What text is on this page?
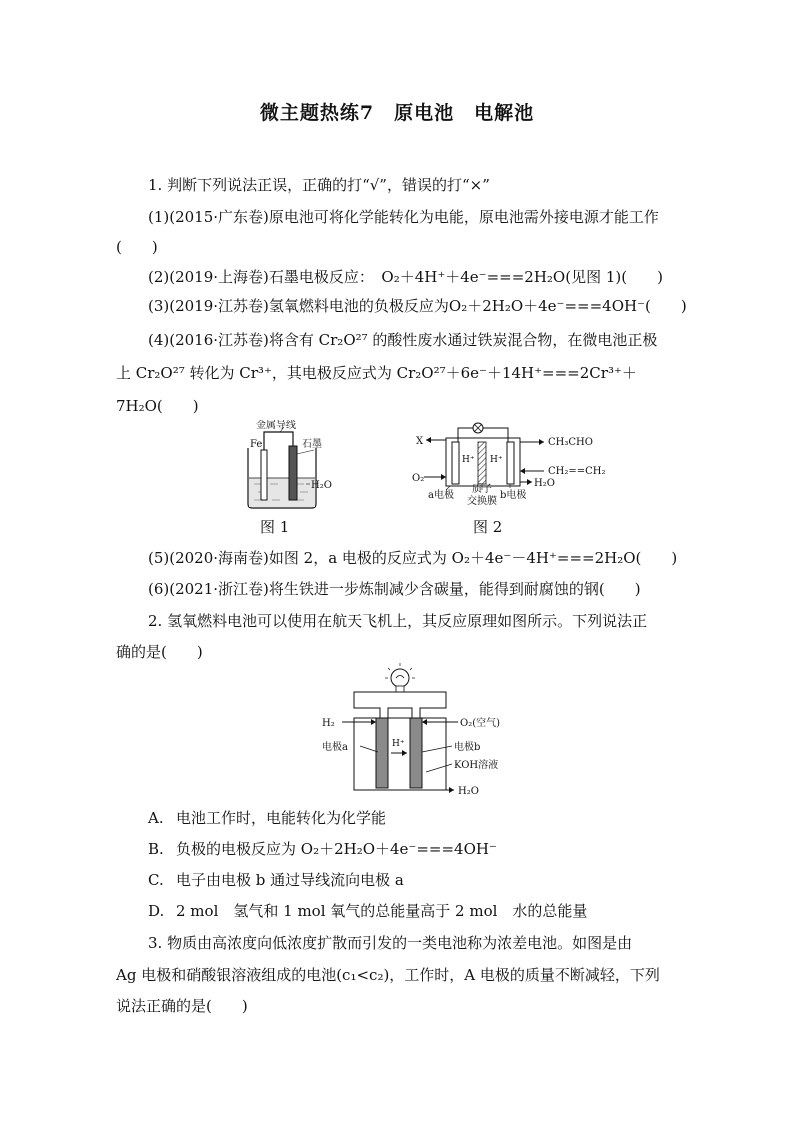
微主题热练7　原电池　电解池
1. 判断下列说法正误，正确的打“√”，错误的打“×”
(1)(2015·广东卷)原电池可将化学能转化为电能，原电池需外接电源才能工作
(　　)
(2)(2019·上海卷)石墨电极反应：　O₂＋4H⁺＋4e⁻===2H₂O(见图 1)(　　)
(3)(2019·江苏卷)氢氧燃料电池的负极反应为O₂＋2H₂O＋4e⁻===4OH⁻(　　)
(4)(2016·江苏卷)将含有 Cr₂O²⁷ 的酸性废水通过铁炭混合物，在微电池正极
上 Cr₂O²⁷ 转化为 Cr³⁺，其电极反应式为 Cr₂O²⁷＋6e⁻＋14H⁺===2Cr³⁺＋
7H₂O(　　)
金属导线
Fe	石墨
H₂O
图 1
X
O₂
H⁺ H⁺
CH₃CHO
CH₂==CH₂
H₂O
a电极
质子
交换膜
b电极
图 2
(5)(2020·海南卷)如图 2，a 电极的反应式为 O₂＋4e⁻－4H⁺===2H₂O(　　)
(6)(2021·浙江卷)将生铁进一步炼制减少含碳量，能得到耐腐蚀的钢(　　)
2. 氢氧燃料电池可以使用在航天飞机上，其反应原理如图所示。下列说法正
确的是(　　)
H₂	O₂(空气)
电极a	H⁺	电极b
KOH溶液
H₂O
A. 电池工作时，电能转化为化学能
B. 负极的电极反应为 O₂＋2H₂O＋4e⁻===4OH⁻
C. 电子由电极 b 通过导线流向电极 a
D. 2 mol　氢气和 1 mol 氧气的总能量高于 2 mol　水的总能量
3. 物质由高浓度向低浓度扩散而引发的一类电池称为浓差电池。如图是由
Ag 电极和硝酸银溶液组成的电池(c₁<c₂)，工作时，A 电极的质量不断减轻，下列
说法正确的是(　　)
